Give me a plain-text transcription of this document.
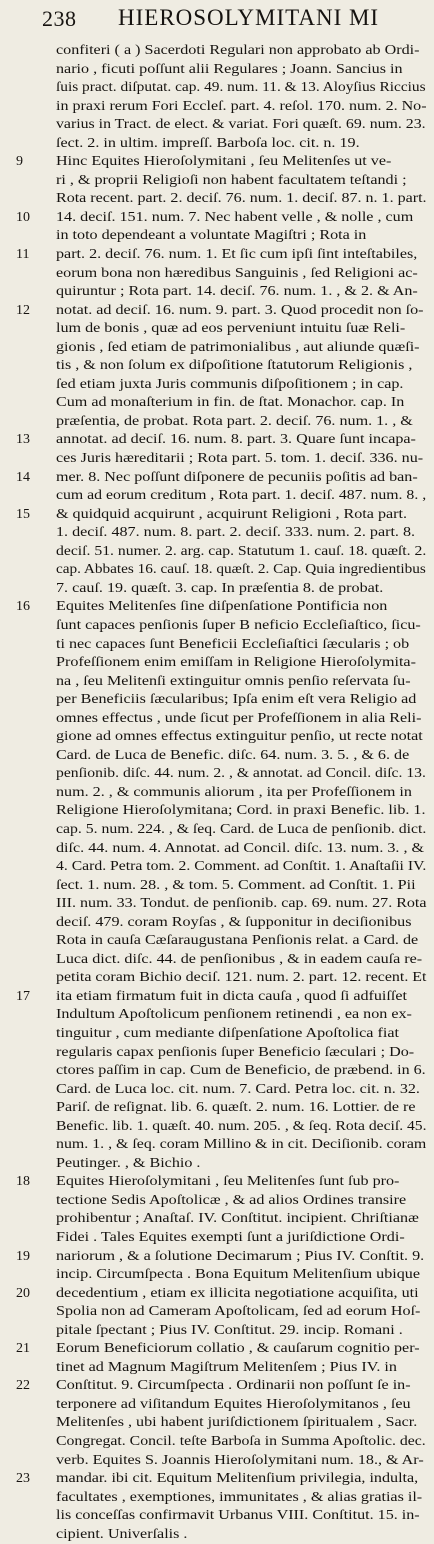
238 HIEROSOLYMITANI MI
confiteri ( a ) Sacerdoti Regulari non approbato ab Ordi-
nario , ficuti poſſunt alii Regulares ; Joann. Sancius in
ſuis pract. diſputat. cap. 49. num. 11. & 13. Aloyſius Riccius
in praxi rerum Fori Eccleſ. part. 4. reſol. 170. num. 2. No-
varius in Tract. de elect. & variat. Fori quæſt. 69. num. 23.
ſect. 2. in ultim. impreſſ. Barboſa loc. cit. n. 19.
9	Hinc Equites Hieroſolymitani , ſeu Melitenſes ut ve-
ri , & proprii Religioſi non habent facultatem teſtandi ;
Rota recent. part. 2. deciſ. 76. num. 1. deciſ. 87. n. 1. part.
10	14. deciſ. 151. num. 7. Nec habent velle , & nolle , cum
in toto dependeant a voluntate Magiſtri ; Rota in
11	part. 2. deciſ. 76. num. 1. Et ſic cum ipſi ſint inteſtabiles,
eorum bona non hæredibus Sanguinis , ſed Religioni ac-
quiruntur ; Rota part. 14. deciſ. 76. num. 1. , & 2. & An-
12	notat. ad deciſ. 16. num. 9. part. 3. Quod procedit non ſo-
lum de bonis , quæ ad eos perveniunt intuitu ſuæ Reli-
gionis , ſed etiam de patrimonialibus , aut aliunde quæſi-
tis , & non ſolum ex diſpoſitione ſtatutorum Religionis ,
ſed etiam juxta Juris communis diſpoſitionem ; in cap.
Cum ad monaſterium in fin. de ſtat. Monachor. cap. In
præſentia, de probat. Rota part. 2. deciſ. 76. num. 1. , &
13	annotat. ad deciſ. 16. num. 8. part. 3. Quare ſunt incapa-
ces Juris hæreditarii ; Rota part. 5. tom. 1. deciſ. 336. nu-
14	mer. 8. Nec poſſunt diſponere de pecuniis poſitis ad ban-
cum ad eorum creditum , Rota part. 1. deciſ. 487. num. 8. ,
15	& quidquid acquirunt , acquirunt Religioni , Rota part.
1. deciſ. 487. num. 8. part. 2. deciſ. 333. num. 2. part. 8.
deciſ. 51. numer. 2. arg. cap. Statutum 1. cauſ. 18. quæſt. 2.
cap. Abbates 16. cauſ. 18. quæſt. 2. Cap. Quia ingredientibus
7. cauſ. 19. quæſt. 3. cap. In præſentia 8. de probat.
16	Equites Melitenſes ſine diſpenſatione Pontificia non
ſunt capaces penſionis ſuper B neficio Eccleſiaſtico, ſicu-
ti nec capaces ſunt Beneficii Eccleſiaſtici ſæcularis ; ob
Profeſſionem enim emiſſam in Religione Hieroſolymita-
na , ſeu Melitenſi extinguitur omnis penſio reſervata ſu-
per Beneficiis ſæcularibus; Ipſa enim eſt vera Religio ad
omnes effectus , unde ſicut per Profeſſionem in alia Reli-
gione ad omnes effectus extinguitur penſio, ut recte notat
Card. de Luca de Benefic. diſc. 64. num. 3. 5. , & 6. de
penſionib. diſc. 44. num. 2. , & annotat. ad Concil. diſc. 13.
num. 2. , & communis aliorum , ita per Profeſſionem in
Religione Hieroſolymitana; Cord. in praxi Benefic. lib. 1.
cap. 5. num. 224. , & ſeq. Card. de Luca de penſionib. dict.
diſc. 44. num. 4. Annotat. ad Concil. diſc. 13. num. 3. , &
4. Card. Petra tom. 2. Comment. ad Conſtit. 1. Anaſtaſii IV.
ſect. 1. num. 28. , & tom. 5. Comment. ad Conſtit. 1. Pii
III. num. 33. Tondut. de penſionib. cap. 69. num. 27. Rota
deciſ. 479. coram Royſas , & ſupponitur in deciſionibus
Rota in cauſa Cæſaraugustana Penſionis relat. a Card. de
Luca dict. diſc. 44. de penſionibus , & in eadem cauſa re-
petita coram Bichio deciſ. 121. num. 2. part. 12. recent. Et
17	ita etiam firmatum fuit in dicta cauſa , quod ſi adfuiſſet
Indultum Apoſtolicum penſionem retinendi , ea non ex-
tinguitur , cum mediante diſpenſatione Apoſtolica fiat
regularis capax penſionis ſuper Beneficio ſæculari ; Do-
ctores paſſim in cap. Cum de Beneficio, de præbend. in 6.
Card. de Luca loc. cit. num. 7. Card. Petra loc. cit. n. 32.
Pariſ. de reſignat. lib. 6. quæſt. 2. num. 16. Lottier. de re
Benefic. lib. 1. quæſt. 40. num. 205. , & ſeq. Rota deciſ. 45.
num. 1. , & ſeq. coram Millino & in cit. Deciſionib. coram
Peutinger. , & Bichio .
18	Equites Hieroſolymitani , ſeu Melitenſes ſunt ſub pro-
tectione Sedis Apoſtolicæ , & ad alios Ordines transire
prohibentur ; Anaſtaſ. IV. Conſtitut. incipient. Chriſtianæ
Fidei . Tales Equites exempti ſunt a juriſdictione Ordi-
19	nariorum , & a ſolutione Decimarum ; Pius IV. Conſtit. 9.
incip. Circumſpecta . Bona Equitum Melitenſium ubique
20	decedentium , etiam ex illicita negotiatione acquiſita, uti
Spolia non ad Cameram Apoſtolicam, ſed ad eorum Hoſ-
pitale ſpectant ; Pius IV. Conſtitut. 29. incip. Romani .
21	Eorum Beneficiorum collatio , & cauſarum cognitio per-
tinet ad Magnum Magiſtrum Melitenſem ; Pius IV. in
22	Conſtitut. 9. Circumſpecta . Ordinarii non poſſunt ſe in-
terponere ad viſitandum Equites Hieroſolymitanos , ſeu
Melitenſes , ubi habent juriſdictionem ſpiritualem , Sacr.
Congregat. Concil. teſte Barboſa in Summa Apoſtolic. dec.
verb. Equites S. Joannis Hieroſolymitani num. 18., & Ar-
23	mandar. ibi cit. Equitum Melitenſium privilegia, indulta,
facultates , exemptiones, immunitates , & alias gratias il-
lis conceſſas confirmavit Urbanus VIII. Conſtitut. 15. in-
cipient. Univerſalis .
